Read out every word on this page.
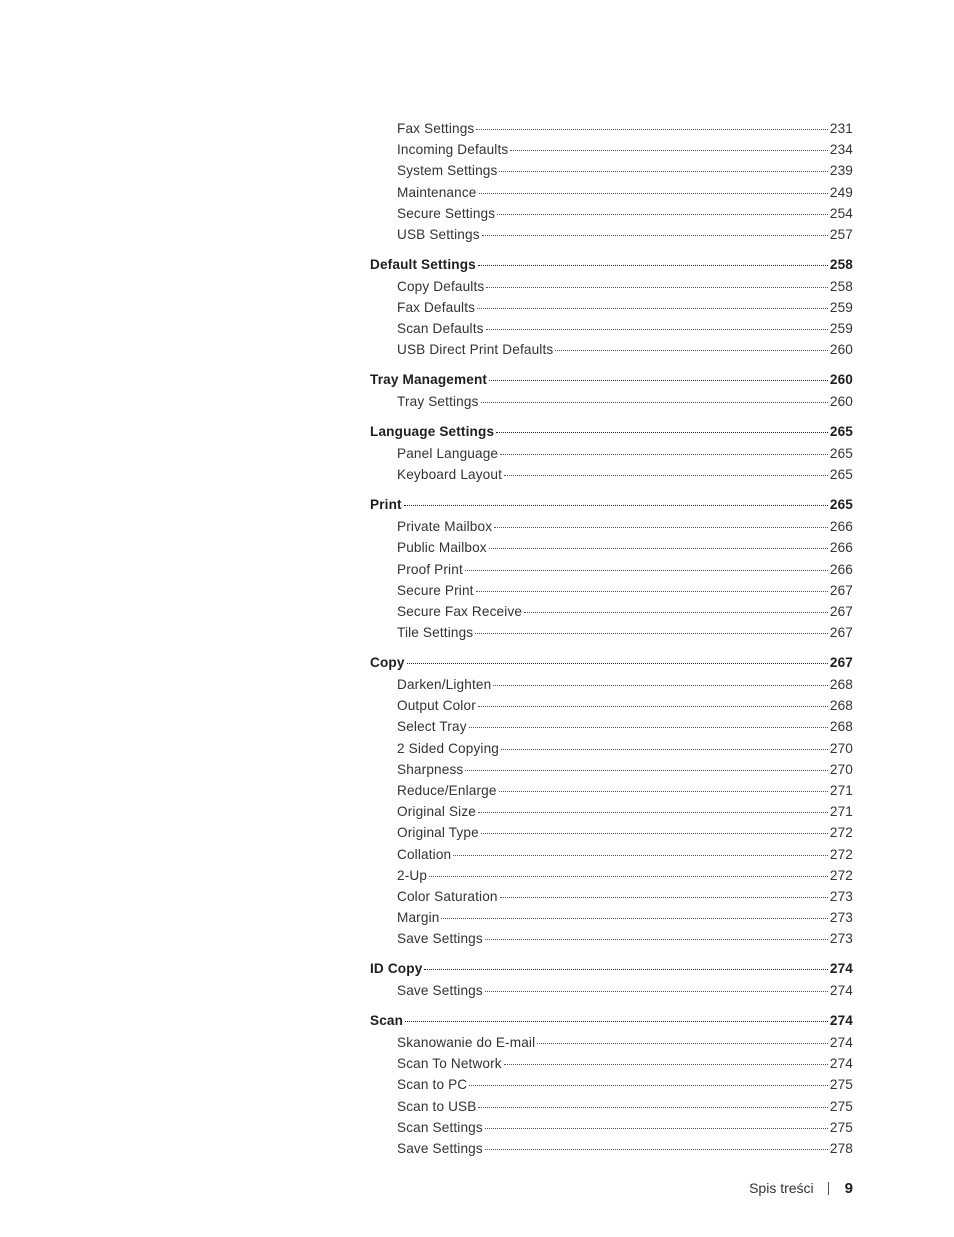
Fax Settings	231
Incoming Defaults	234
System Settings	239
Maintenance	249
Secure Settings	254
USB Settings	257
Default Settings	258
Copy Defaults	258
Fax Defaults	259
Scan Defaults	259
USB Direct Print Defaults	260
Tray Management	260
Tray Settings	260
Language Settings	265
Panel Language	265
Keyboard Layout	265
Print	265
Private Mailbox	266
Public Mailbox	266
Proof Print	266
Secure Print	267
Secure Fax Receive	267
Tile Settings	267
Copy	267
Darken/Lighten	268
Output Color	268
Select Tray	268
2 Sided Copying	270
Sharpness	270
Reduce/Enlarge	271
Original Size	271
Original Type	272
Collation	272
2-Up	272
Color Saturation	273
Margin	273
Save Settings	273
ID Copy	274
Save Settings	274
Scan	274
Skanowanie do E-mail	274
Scan To Network	274
Scan to PC	275
Scan to USB	275
Scan Settings	275
Save Settings	278
Spis treści 9
